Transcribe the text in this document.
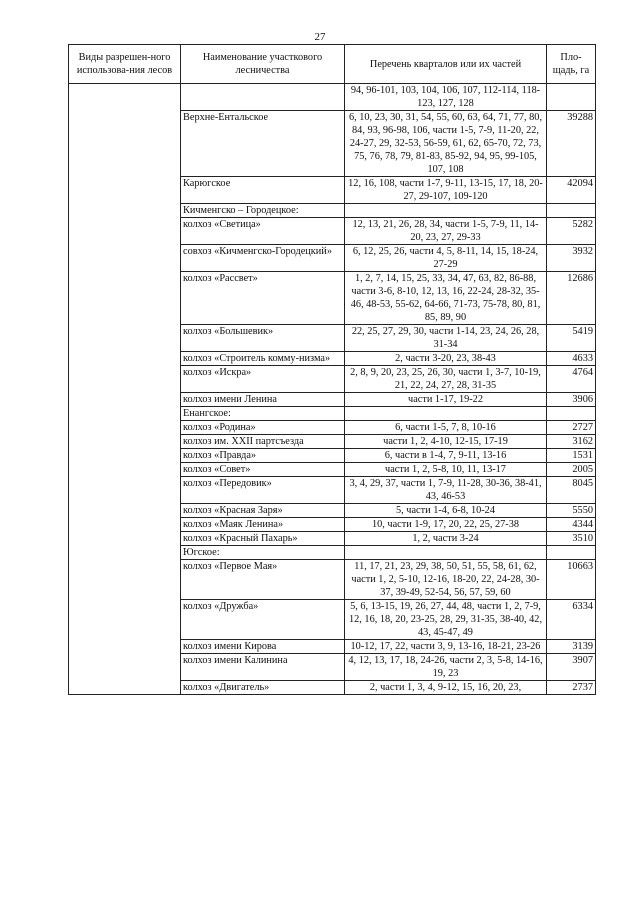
27
Виды разрешен-ного использова-ния лесов	Наименование участкового лесничества	Перечень кварталов или их частей	Пло-щадь, га
		94, 96-101, 103, 104, 106, 107, 112-114, 118-123, 127, 128	
	Верхне-Ентальское	6, 10, 23, 30, 31, 54, 55, 60, 63, 64, 71, 77, 80, 84, 93, 96-98, 106, части 1-5, 7-9, 11-20, 22, 24-27, 29, 32-53, 56-59, 61, 62, 65-70, 72, 73, 75, 76, 78, 79, 81-83, 85-92, 94, 95, 99-105, 107, 108	39288
	Карюгское	12, 16, 108, части 1-7, 9-11, 13-15, 17, 18, 20-27, 29-107, 109-120	42094
	Кичменгско – Городецкое:		
	колхоз «Светица»	12, 13, 21, 26, 28, 34, части 1-5, 7-9, 11, 14-20, 23, 27, 29-33	5282
	совхоз «Кичменгско-Городецкий»	6, 12, 25, 26, части 4, 5, 8-11, 14, 15, 18-24, 27-29	3932
	колхоз «Рассвет»	1, 2, 7, 14, 15, 25, 33, 34, 47, 63, 82, 86-88, части 3-6, 8-10, 12, 13, 16, 22-24, 28-32, 35-46, 48-53, 55-62, 64-66, 71-73, 75-78, 80, 81, 85, 89, 90	12686
	колхоз «Большевик»	22, 25, 27, 29, 30, части 1-14, 23, 24, 26, 28, 31-34	5419
	колхоз «Строитель комму-низма»	2, части 3-20, 23, 38-43	4633
	колхоз «Искра»	2, 8, 9, 20, 23, 25, 26, 30, части 1, 3-7, 10-19, 21, 22, 24, 27, 28, 31-35	4764
	колхоз имени Ленина	части 1-17, 19-22	3906
	Енангское:		
	колхоз «Родина»	6, части 1-5, 7, 8, 10-16	2727
	колхоз им. XXII партсъезда	части 1, 2, 4-10, 12-15, 17-19	3162
	колхоз «Правда»	6, части в 1-4, 7, 9-11, 13-16	1531
	колхоз «Совет»	части 1, 2, 5-8, 10, 11, 13-17	2005
	колхоз «Передовик»	3, 4, 29, 37, части 1, 7-9, 11-28, 30-36, 38-41, 43, 46-53	8045
	колхоз «Красная Заря»	5, части 1-4, 6-8, 10-24	5550
	колхоз «Маяк Ленина»	10, части 1-9, 17, 20, 22, 25, 27-38	4344
	колхоз «Красный Пахарь»	1, 2, части 3-24	3510
	Югское:		
	колхоз «Первое Мая»	11, 17, 21, 23, 29, 38, 50, 51, 55, 58, 61, 62, части 1, 2, 5-10, 12-16, 18-20, 22, 24-28, 30-37, 39-49, 52-54, 56, 57, 59, 60	10663
	колхоз «Дружба»	5, 6, 13-15, 19, 26, 27, 44, 48, части 1, 2, 7-9, 12, 16, 18, 20, 23-25, 28, 29, 31-35, 38-40, 42, 43, 45-47, 49	6334
	колхоз имени Кирова	10-12, 17, 22, части 3, 9, 13-16, 18-21, 23-26	3139
	колхоз имени Калинина	4, 12, 13, 17, 18, 24-26, части 2, 3, 5-8, 14-16, 19, 23	3907
	колхоз «Двигатель»	2, части 1, 3, 4, 9-12, 15, 16, 20, 23,	2737
